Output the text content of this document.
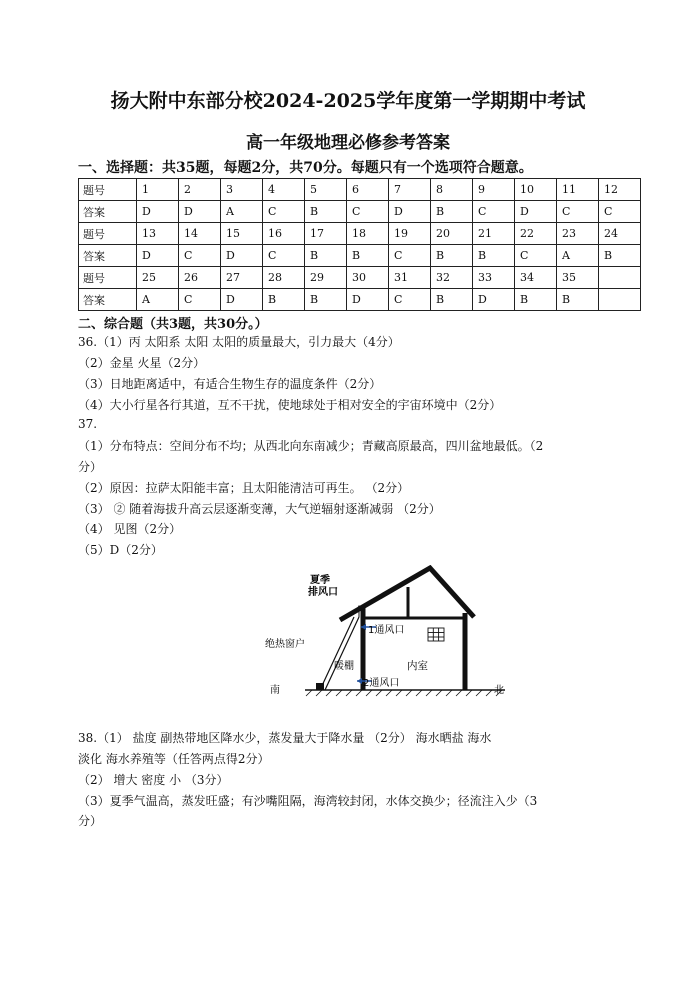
扬大附中东部分校2024-2025学年度第一学期期中考试
高一年级地理必修参考答案
一、选择题：共35题，每题2分，共70分。每题只有一个选项符合题意。
题号	1	2	3	4	5	6	7	8	9	10	11	12
答案	D	D	A	C	B	C	D	B	C	D	C	C
题号	13	14	15	16	17	18	19	20	21	22	23	24
答案	D	C	D	C	B	B	C	B	B	C	A	B
题号	25	26	27	28	29	30	31	32	33	34	35	
答案	A	C	D	B	B	D	C	B	D	B	B	
二、综合题（共3题，共30分。）
36.（1）丙 太阳系 太阳 太阳的质量最大，引力最大（4分）
（2）金星 火星（2分）
（3）日地距离适中，有适合生物生存的温度条件（2分）
（4）大小行星各行其道，互不干扰，使地球处于相对安全的宇宙环境中（2分）
37.
（1）分布特点：空间分布不均；从西北向东南减少；青藏高原最高，四川盆地最低。（2
分）
（2）原因：拉萨太阳能丰富；且太阳能清洁可再生。 （2分）
（3） ② 随着海拔升高云层逐渐变薄，大气逆辐射逐渐减弱 （2分）
（4） 见图（2分）
（5）D（2分）
夏季
排风口
1通风口
绝热窗户
暖棚	内室
2通风口
南	北
38.（1） 盐度 副热带地区降水少，蒸发量大于降水量 （2分） 海水晒盐 海水
淡化 海水养殖等（任答两点得2分）
（2） 增大 密度 小 （3分）
（3）夏季气温高，蒸发旺盛；有沙嘴阻隔，海湾较封闭，水体交换少；径流注入少（3
分）
